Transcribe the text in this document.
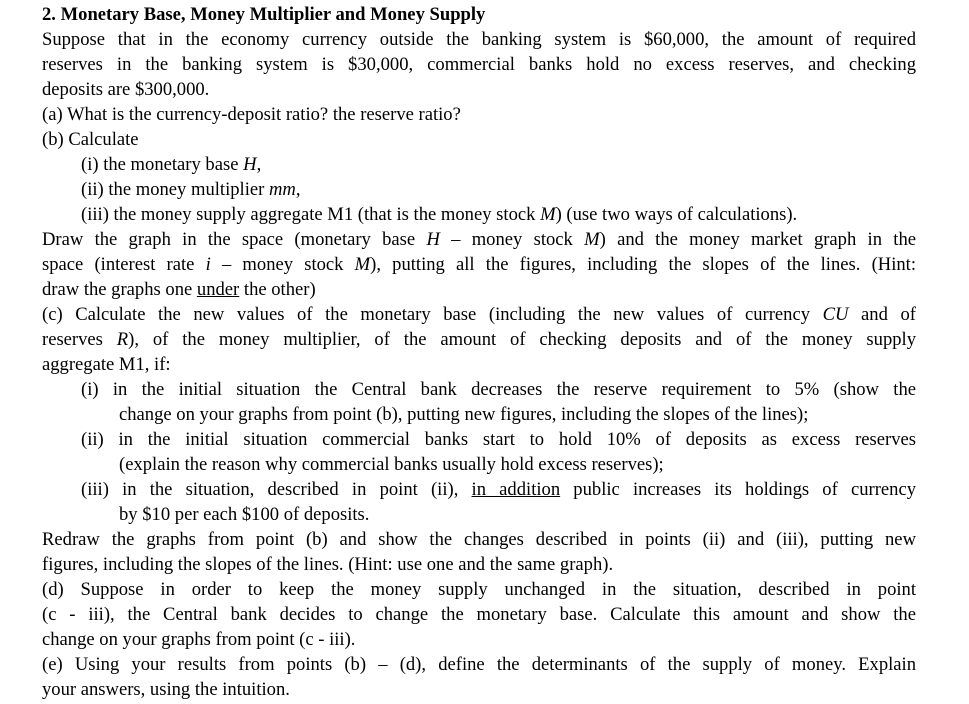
2. Monetary Base, Money Multiplier and Money Supply
Suppose that in the economy currency outside the banking system is $60,000, the amount of required
reserves in the banking system is $30,000, commercial banks hold no excess reserves, and checking
deposits are $300,000.
(a) What is the currency-deposit ratio? the reserve ratio?
(b) Calculate
(i) the monetary base H,
(ii) the money multiplier mm,
(iii) the money supply aggregate M1 (that is the money stock M) (use two ways of calculations).
Draw the graph in the space (monetary base H – money stock M) and the money market graph in the
space (interest rate i – money stock M), putting all the figures, including the slopes of the lines. (Hint:
draw the graphs one under the other)
(c) Calculate the new values of the monetary base (including the new values of currency CU and of
reserves R), of the money multiplier, of the amount of checking deposits and of the money supply
aggregate M1, if:
(i) in the initial situation the Central bank decreases the reserve requirement to 5% (show the
change on your graphs from point (b), putting new figures, including the slopes of the lines);
(ii) in the initial situation commercial banks start to hold 10% of deposits as excess reserves
(explain the reason why commercial banks usually hold excess reserves);
(iii) in the situation, described in point (ii), in addition public increases its holdings of currency
by $10 per each $100 of deposits.
Redraw the graphs from point (b) and show the changes described in points (ii) and (iii), putting new
figures, including the slopes of the lines. (Hint: use one and the same graph).
(d) Suppose in order to keep the money supply unchanged in the situation, described in point
(c - iii), the Central bank decides to change the monetary base. Calculate this amount and show the
change on your graphs from point (c - iii).
(e) Using your results from points (b) – (d), define the determinants of the supply of money. Explain
your answers, using the intuition.
